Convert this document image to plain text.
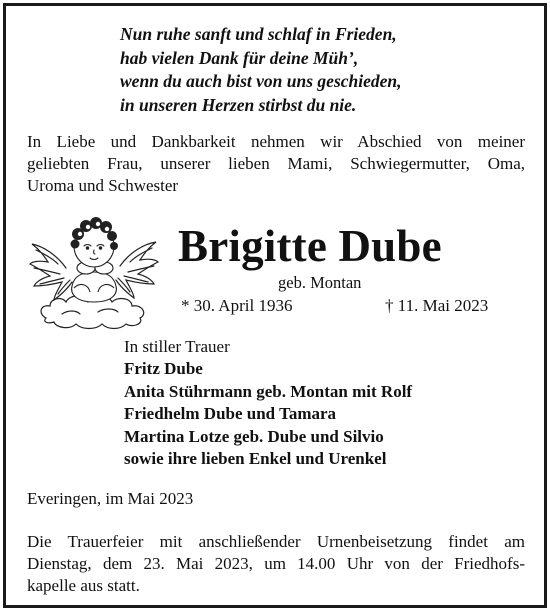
Nun ruhe sanft und schlaf in Frieden,
hab vielen Dank für deine Müh’,
wenn du auch bist von uns geschieden,
in unseren Herzen stirbst du nie.
In Liebe und Dankbarkeit nehmen wir Abschied von meiner
geliebten Frau, unserer lieben Mami, Schwiegermutter, Oma,
Uroma und Schwester
Brigitte Dube
geb. Montan
* 30. April 1936	† 11. Mai 2023
In stiller Trauer
Fritz Dube
Anita Stührmann geb. Montan mit Rolf
Friedhelm Dube und Tamara
Martina Lotze geb. Dube und Silvio
sowie ihre lieben Enkel und Urenkel
Everingen, im Mai 2023
Die Trauerfeier mit anschließender Urnenbeisetzung findet am
Dienstag, dem 23. Mai 2023, um 14.00 Uhr von der Friedhofs-
kapelle aus statt.
